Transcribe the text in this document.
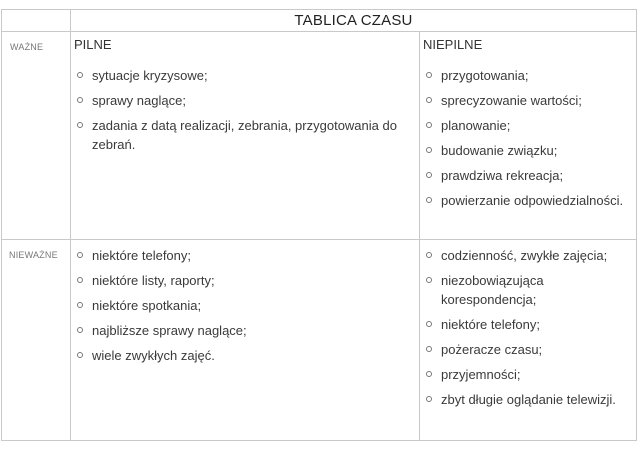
TABLICA CZASU
WAŻNE
NIEWAŻNE
PILNE	NIEPILNE
sytuacje kryzysowe;
sprawy naglące;
zadania z datą realizacji, zebrania, przygotowania do zebrań.
przygotowania;
sprecyzowanie wartości;
planowanie;
budowanie związku;
prawdziwa rekreacja;
powierzanie odpowiedzialności.
niektóre telefony;
niektóre listy, raporty;
niektóre spotkania;
najbliższe sprawy naglące;
wiele zwykłych zajęć.
codzienność, zwykłe zajęcia;
niezobowiązująca korespondencja;
niektóre telefony;
pożeracze czasu;
przyjemności;
zbyt długie oglądanie telewizji.
